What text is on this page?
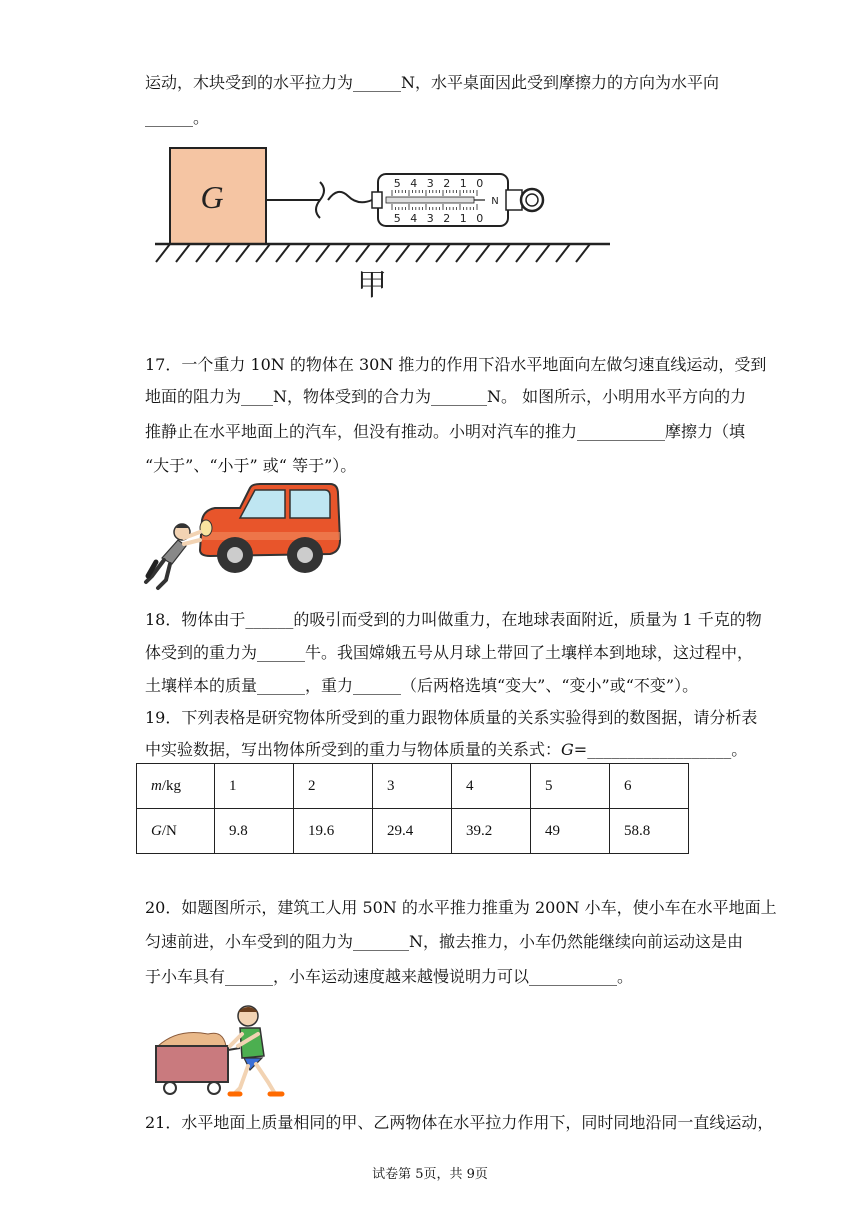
运动，木块受到的水平拉力为______N，水平桌面因此受到摩擦力的方向为水平向
______。
G	5 4 3 2 1 0
5 4 3 2 1 0
N
甲
17．一个重力 10N 的物体在 30N 推力的作用下沿水平地面向左做匀速直线运动，受到
地面的阻力为____N，物体受到的合力为_______N。 如图所示，小明用水平方向的力
推静止在水平地面上的汽车，但没有推动。小明对汽车的推力___________摩擦力（填
“大于”、“小于” 或“ 等于”）。
18．物体由于______的吸引而受到的力叫做重力，在地球表面附近，质量为 1 千克的物
体受到的重力为______牛。我国嫦娥五号从月球上带回了土壤样本到地球，这过程中，
土壤样本的质量______，重力______（后两格选填“变大”、“变小”或“不变”）。
19．下列表格是研究物体所受到的重力跟物体质量的关系实验得到的数图据，请分析表
中实验数据，写出物体所受到的重力与物体质量的关系式：G=__________________。
m/kg	1	2	3	4	5	6
G/N	9.8	19.6	29.4	39.2	49	58.8
20．如题图所示，建筑工人用 50N 的水平推力推重为 200N 小车，使小车在水平地面上
匀速前进，小车受到的阻力为_______N，撤去推力，小车仍然能继续向前运动这是由
于小车具有______，小车运动速度越来越慢说明力可以___________。
21．水平地面上质量相同的甲、乙两物体在水平拉力作用下，同时同地沿同一直线运动，
试卷第 5页，共 9页
